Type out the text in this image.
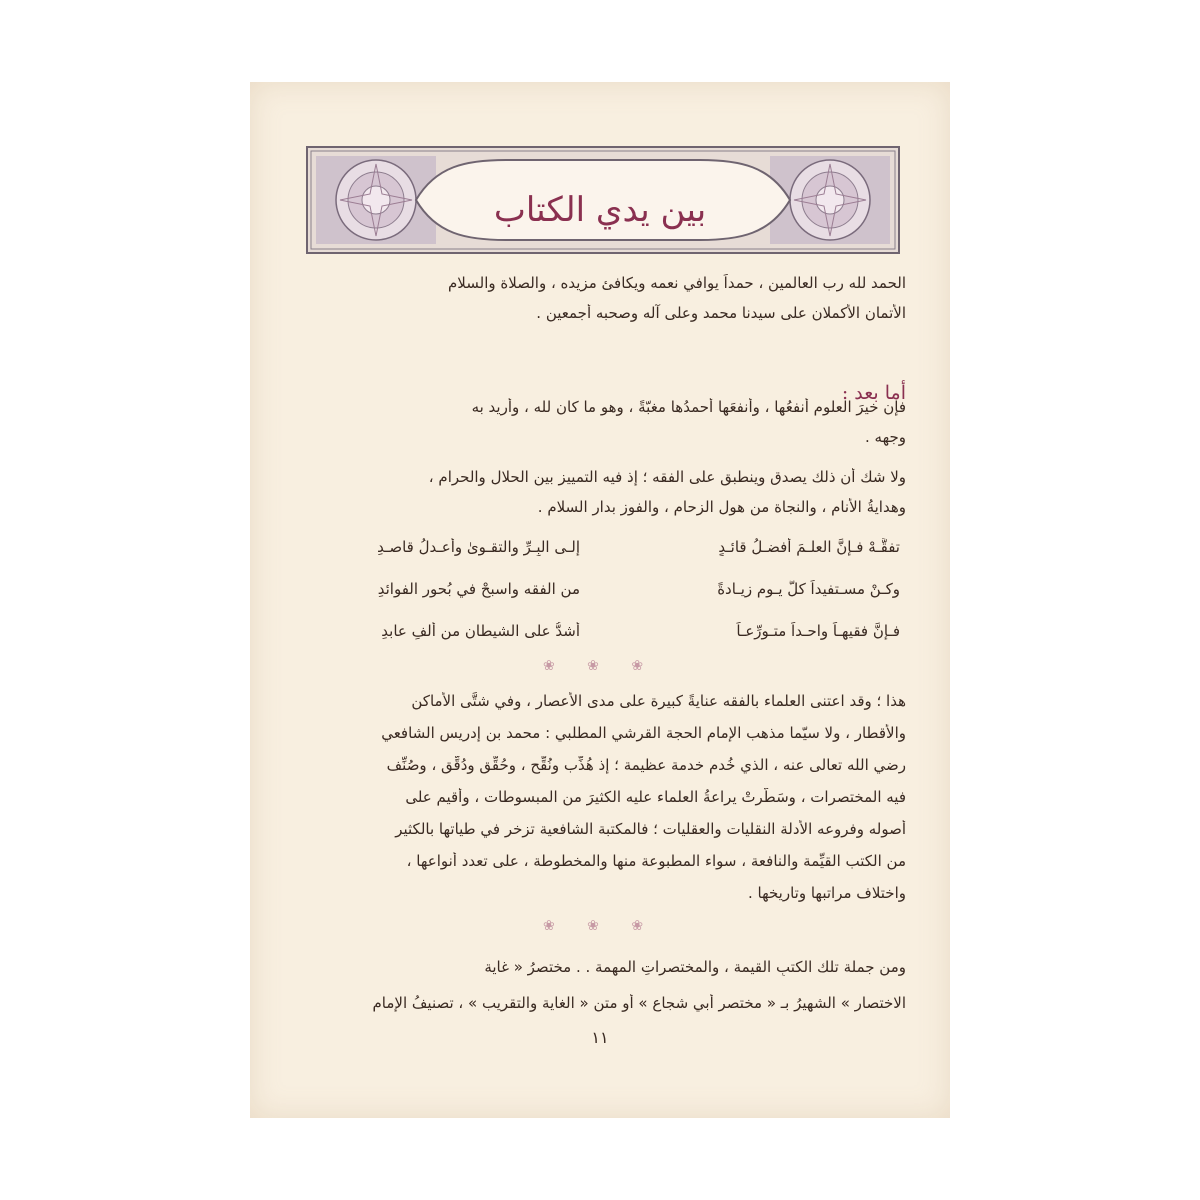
بين يدي الكتاب
الحمد لله رب العالمين ، حمداً يوافي نعمه ويكافئ مزيده ، والصلاة والسلام
الأتمان الأكملان على سيدنا محمد وعلى آله وصحبه أجمعين .
أما بعد :
فإن خيرَ العلوم أنفعُها ، وأنفعَها أحمدُها مغبّةً ، وهو ما كان لله ، وأُريد به
وجهه .
ولا شك أن ذلك يصدق وينطبق على الفقه ؛ إذ فيه التمييز بين الحلال والحرام ،
وهدايةُ الأنام ، والنجاة من هول الزحام ، والفوز بدار السلام .
تفقَّـهْ فـإنَّ العلـمَ أفضـلُ قائـدٍ
إلـى البِـرِّ والتقـوىٰ وأعـدلُ قاصـدِ
وكـنْ مسـتفيداً كلَّ يـوم زيـادةً
من الفقه واسبحْ في بُحور الفوائدِ
فـإنَّ فقيهـاً واحـداً متـورِّعـاً
أشدُّ على الشيطان من ألفِ عابدِ
❀ ❀ ❀
هذا ؛ وقد اعتنى العلماء بالفقه عنايةً كبيرة على مدى الأعصار ، وفي شتَّى الأماكن
والأقطار ، ولا سيّما مذهب الإمام الحجة القرشي المطلبي : محمد بن إدريس الشافعي
رضي الله تعالى عنه ، الذي خُدم خدمة عظيمة ؛ إذ هُذِّب ونُقِّح ، وحُقِّق ودُقِّق ، وصُنِّف
فيه المختصرات ، وسَطَّرتْ يراعةُ العلماء عليه الكثيرَ من المبسوطات ، وأُقيم على
أصوله وفروعه الأدلة النقليات والعقليات ؛ فالمكتبة الشافعية تزخر في طياتها بالكثير
من الكتب القيِّمة والنافعة ، سواء المطبوعة منها والمخطوطة ، على تعدد أنواعها ،
واختلاف مراتبها وتاريخها .
❀ ❀ ❀
ومن جملة تلك الكتبِ القيمة ، والمختصراتِ المهمة . . مختصرُ « غاية
الاختصار » الشهيرُ بـ « مختصر أبي شجاع » أو متنِ « الغاية والتقريب » ، تصنيفُ الإمام
١١
